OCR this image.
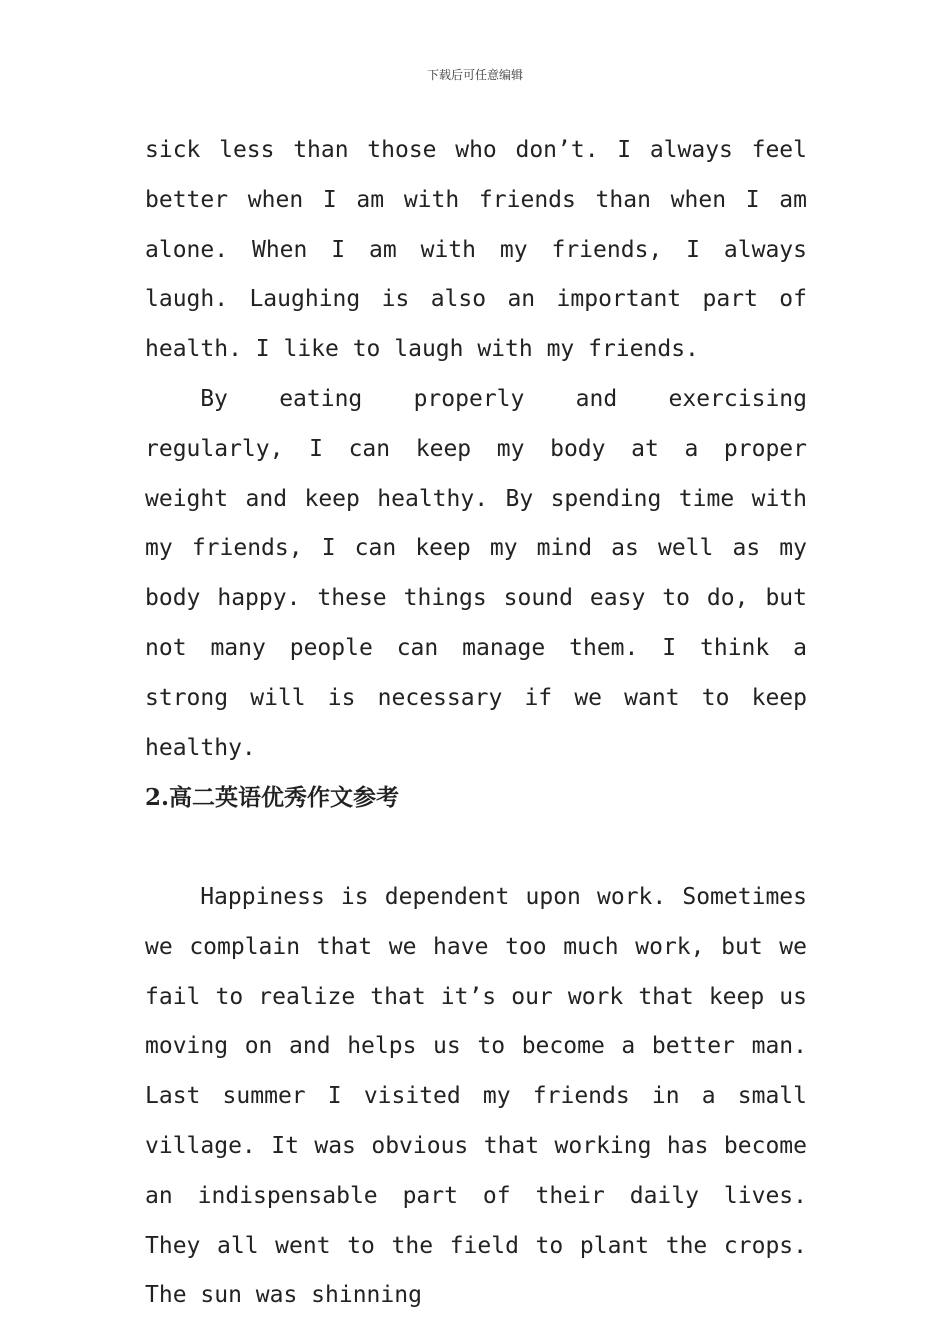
下载后可任意编辑

sick less than those who don’t. I always feel better when I am with friends than when I am alone. When I am with my friends, I always laugh. Laughing is also an important part of health. I like to laugh with my friends.

By eating properly and exercising regularly, I can keep my body at a proper weight and keep healthy. By spending time with my friends, I can keep my mind as well as my body happy. these things sound easy to do, but not many people can manage them. I think a strong will is necessary if we want to keep healthy.

2.高二英语优秀作文参考

Happiness is dependent upon work. Sometimes we complain that we have too much work, but we fail to realize that it’s our work that keep us moving on and helps us to become a better man. Last summer I visited my friends in a small village. It was obvious that working has become an indispensable part of their daily lives. They all went to the field to plant the crops. The sun was shinning
